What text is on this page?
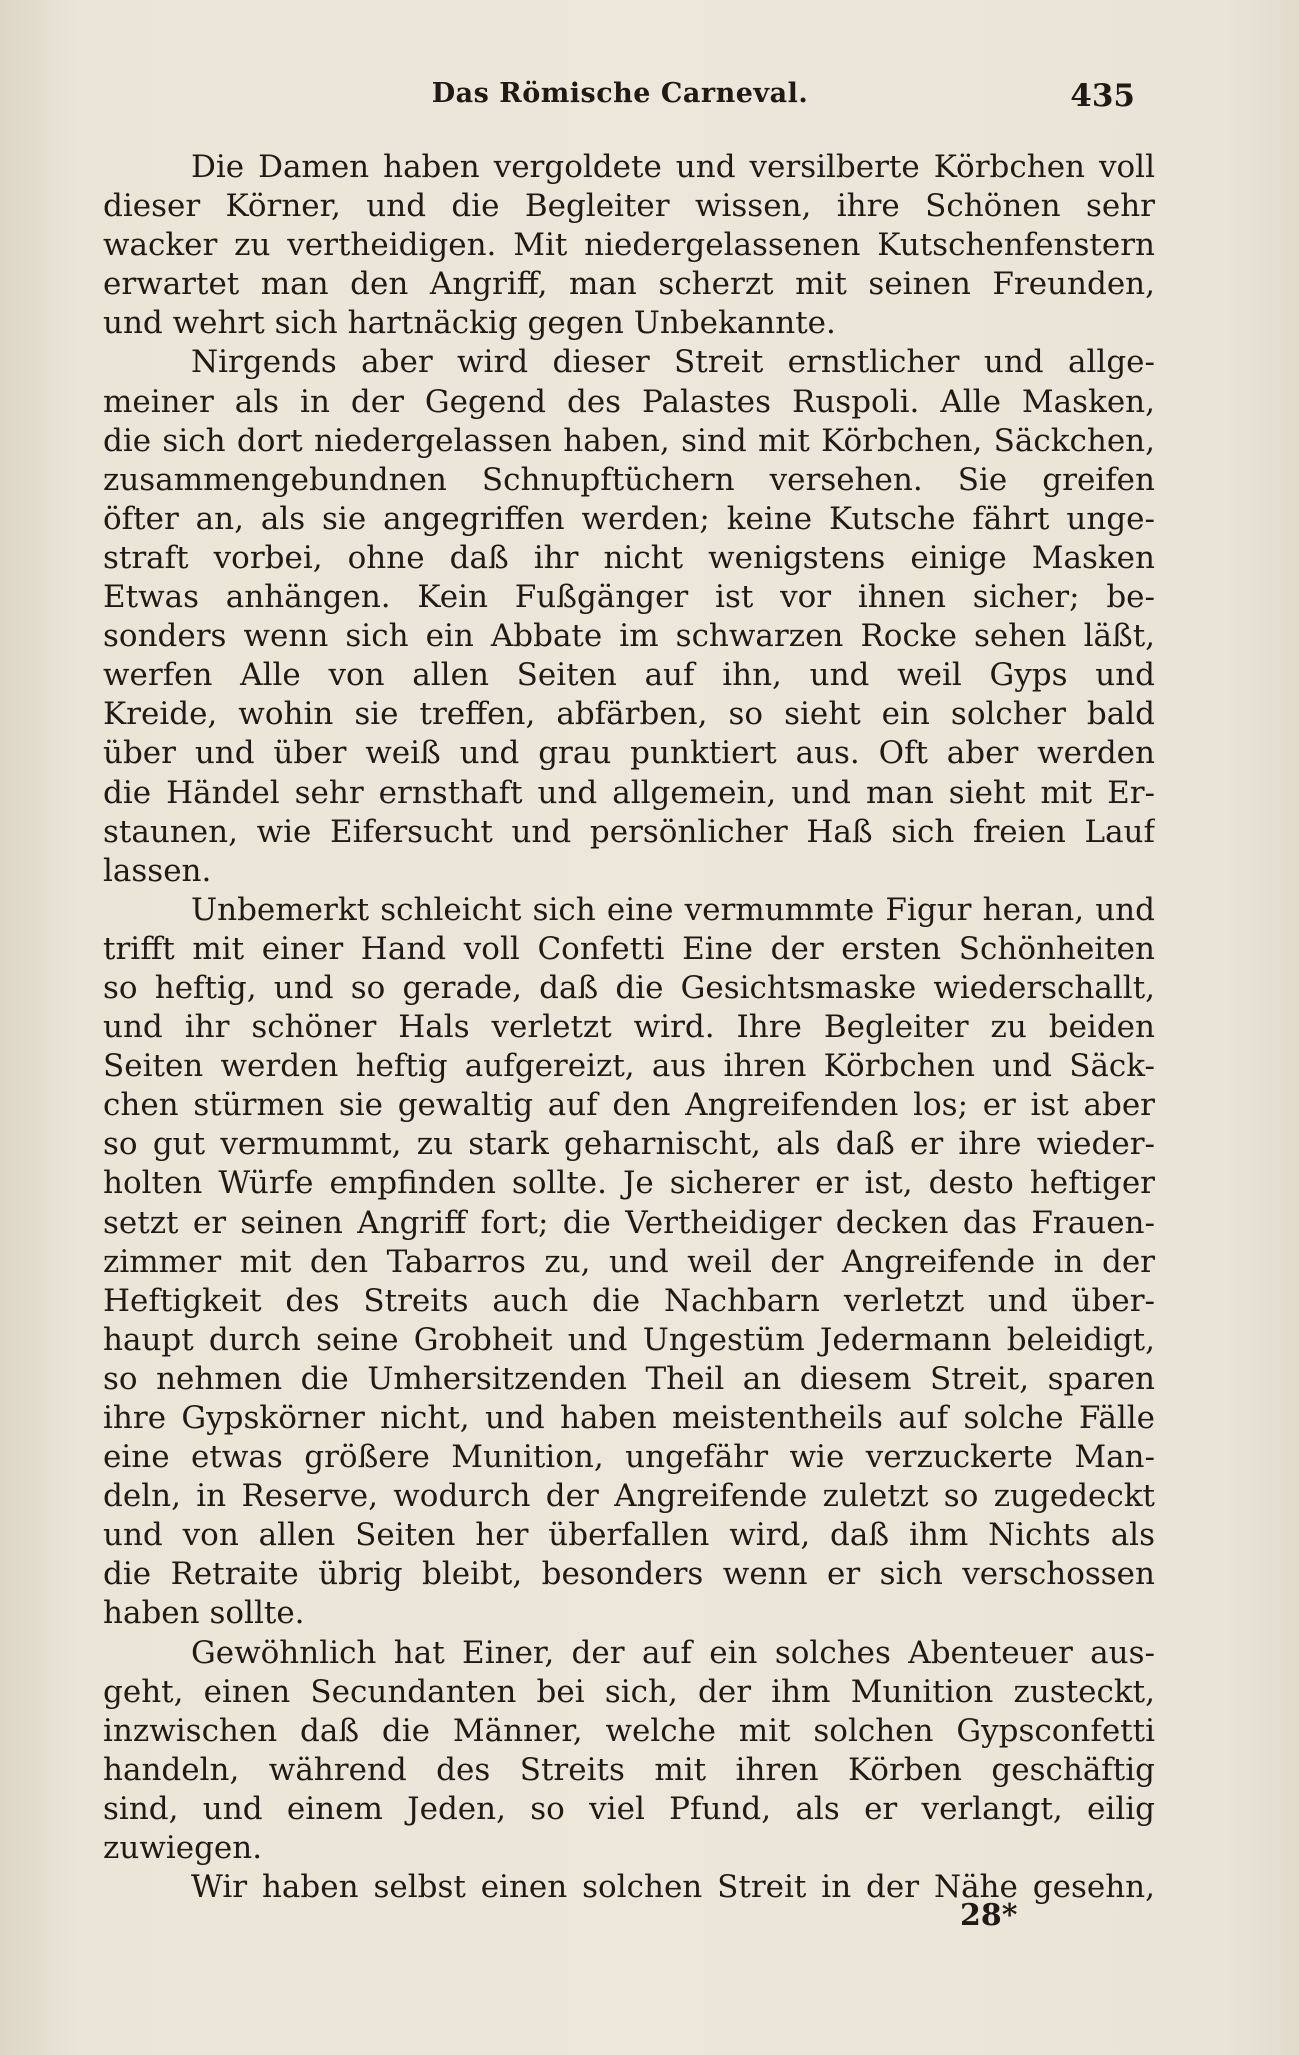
Das Römische Carneval.	435
Die Damen haben vergoldete und versilberte Körbchen voll
dieser Körner, und die Begleiter wissen, ihre Schönen sehr
wacker zu vertheidigen. Mit niedergelassenen Kutschenfenstern
erwartet man den Angriff, man scherzt mit seinen Freunden,
und wehrt sich hartnäckig gegen Unbekannte.
Nirgends aber wird dieser Streit ernstlicher und allge-
meiner als in der Gegend des Palastes Ruspoli. Alle Masken,
die sich dort niedergelassen haben, sind mit Körbchen, Säckchen,
zusammengebundnen Schnupftüchern versehen. Sie greifen
öfter an, als sie angegriffen werden; keine Kutsche fährt unge-
straft vorbei, ohne daß ihr nicht wenigstens einige Masken
Etwas anhängen. Kein Fußgänger ist vor ihnen sicher; be-
sonders wenn sich ein Abbate im schwarzen Rocke sehen läßt,
werfen Alle von allen Seiten auf ihn, und weil Gyps und
Kreide, wohin sie treffen, abfärben, so sieht ein solcher bald
über und über weiß und grau punktiert aus. Oft aber werden
die Händel sehr ernsthaft und allgemein, und man sieht mit Er-
staunen, wie Eifersucht und persönlicher Haß sich freien Lauf
lassen.
Unbemerkt schleicht sich eine vermummte Figur heran, und
trifft mit einer Hand voll Confetti Eine der ersten Schönheiten
so heftig, und so gerade, daß die Gesichtsmaske wiederschallt,
und ihr schöner Hals verletzt wird. Ihre Begleiter zu beiden
Seiten werden heftig aufgereizt, aus ihren Körbchen und Säck-
chen stürmen sie gewaltig auf den Angreifenden los; er ist aber
so gut vermummt, zu stark geharnischt, als daß er ihre wieder-
holten Würfe empfinden sollte. Je sicherer er ist, desto heftiger
setzt er seinen Angriff fort; die Vertheidiger decken das Frauen-
zimmer mit den Tabarros zu, und weil der Angreifende in der
Heftigkeit des Streits auch die Nachbarn verletzt und über-
haupt durch seine Grobheit und Ungestüm Jedermann beleidigt,
so nehmen die Umhersitzenden Theil an diesem Streit, sparen
ihre Gypskörner nicht, und haben meistentheils auf solche Fälle
eine etwas größere Munition, ungefähr wie verzuckerte Man-
deln, in Reserve, wodurch der Angreifende zuletzt so zugedeckt
und von allen Seiten her überfallen wird, daß ihm Nichts als
die Retraite übrig bleibt, besonders wenn er sich verschossen
haben sollte.
Gewöhnlich hat Einer, der auf ein solches Abenteuer aus-
geht, einen Secundanten bei sich, der ihm Munition zusteckt,
inzwischen daß die Männer, welche mit solchen Gypsconfetti
handeln, während des Streits mit ihren Körben geschäftig
sind, und einem Jeden, so viel Pfund, als er verlangt, eilig
zuwiegen.
Wir haben selbst einen solchen Streit in der Nähe gesehn,
28*
